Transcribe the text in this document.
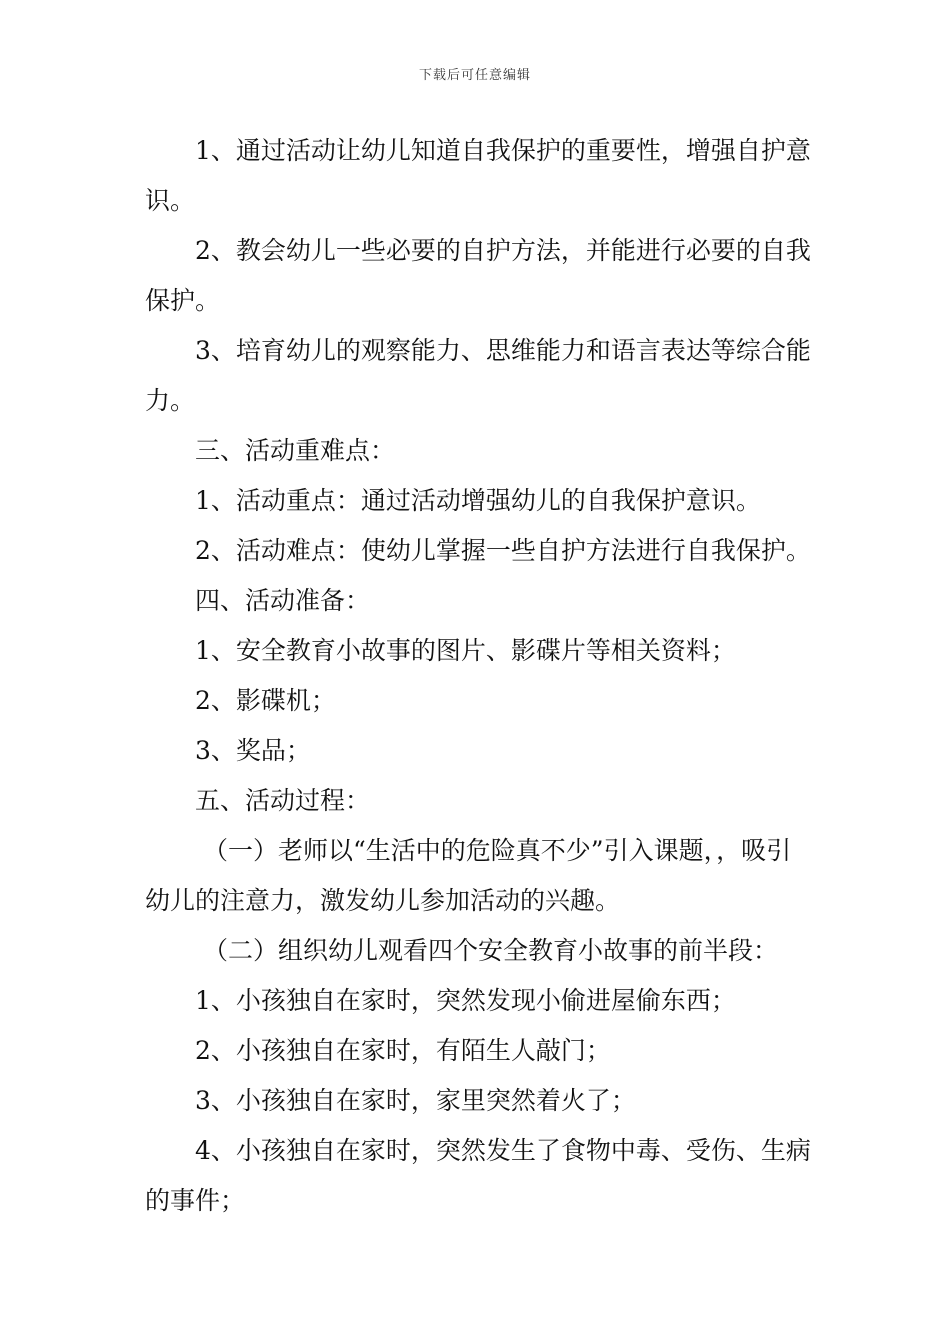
下载后可任意编辑

1、通过活动让幼儿知道自我保护的重要性，增强自护意识。

2、教会幼儿一些必要的自护方法，并能进行必要的自我保护。

3、培育幼儿的观察能力、思维能力和语言表达等综合能力。

三、活动重难点：

1、活动重点：通过活动增强幼儿的自我保护意识。

2、活动难点：使幼儿掌握一些自护方法进行自我保护。

四、活动准备：

1、安全教育小故事的图片、影碟片等相关资料；

2、影碟机；

3、奖品；

五、活动过程：

（一）老师以“生活中的危险真不少”引入课题，，吸引幼儿的注意力，激发幼儿参加活动的兴趣。

（二）组织幼儿观看四个安全教育小故事的前半段：

1、小孩独自在家时，突然发现小偷进屋偷东西；

2、小孩独自在家时，有陌生人敲门；

3、小孩独自在家时，家里突然着火了；

4、小孩独自在家时，突然发生了食物中毒、受伤、生病的事件；
